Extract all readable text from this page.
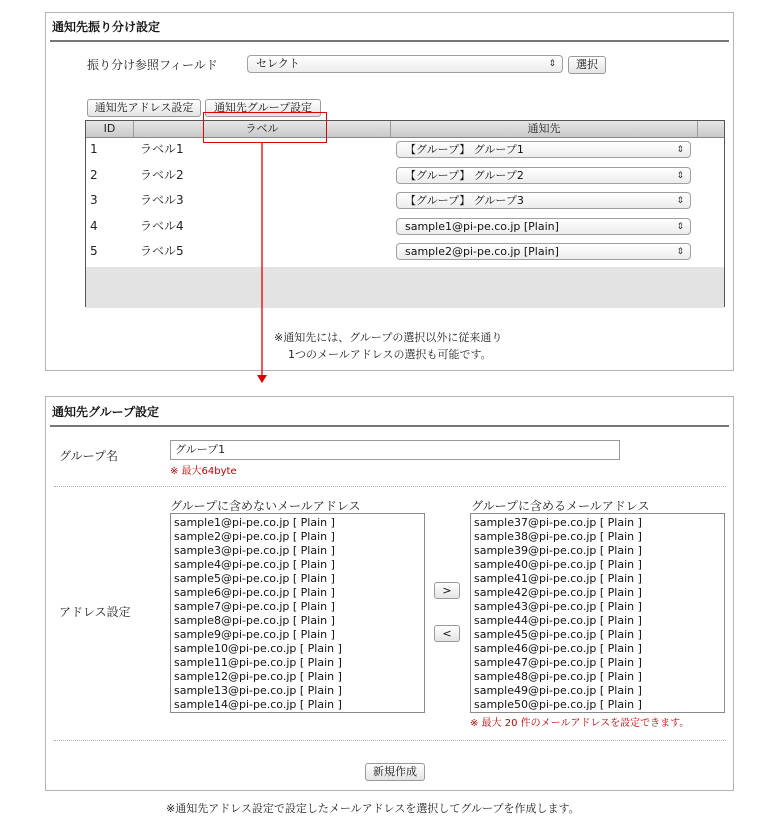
通知先振り分け設定
振り分け参照フィールド	セレクト	⇕	選択
通知先アドレス設定	通知先グループ設定
ID	ラベル	通知先
1	ラベル1	【グループ】 グループ1	⇕
2	ラベル2	【グループ】 グループ2	⇕
3	ラベル3	【グループ】 グループ3	⇕
4	ラベル4	sample1@pi-pe.co.jp [Plain]	⇕
5	ラベル5	sample2@pi-pe.co.jp [Plain]	⇕
※通知先には、グループの選択以外に従来通り
1つのメールアドレスの選択も可能です。
通知先グループ設定
グループ名	グループ1
※ 最大64byte
グループに含めないメールアドレス	グループに含めるメールアドレス
アドレス設定
sample1@pi-pe.co.jp [ Plain ]
sample2@pi-pe.co.jp [ Plain ]
sample3@pi-pe.co.jp [ Plain ]
sample4@pi-pe.co.jp [ Plain ]
sample5@pi-pe.co.jp [ Plain ]
sample6@pi-pe.co.jp [ Plain ]
sample7@pi-pe.co.jp [ Plain ]
sample8@pi-pe.co.jp [ Plain ]
sample9@pi-pe.co.jp [ Plain ]
sample10@pi-pe.co.jp [ Plain ]
sample11@pi-pe.co.jp [ Plain ]
sample12@pi-pe.co.jp [ Plain ]
sample13@pi-pe.co.jp [ Plain ]
sample14@pi-pe.co.jp [ Plain ]
sample37@pi-pe.co.jp [ Plain ]
sample38@pi-pe.co.jp [ Plain ]
sample39@pi-pe.co.jp [ Plain ]
sample40@pi-pe.co.jp [ Plain ]
sample41@pi-pe.co.jp [ Plain ]
sample42@pi-pe.co.jp [ Plain ]
sample43@pi-pe.co.jp [ Plain ]
sample44@pi-pe.co.jp [ Plain ]
sample45@pi-pe.co.jp [ Plain ]
sample46@pi-pe.co.jp [ Plain ]
sample47@pi-pe.co.jp [ Plain ]
sample48@pi-pe.co.jp [ Plain ]
sample49@pi-pe.co.jp [ Plain ]
sample50@pi-pe.co.jp [ Plain ]
>
<
※ 最大 20 件のメールアドレスを設定できます。
新規作成
※通知先アドレス設定で設定したメールアドレスを選択してグループを作成します。
